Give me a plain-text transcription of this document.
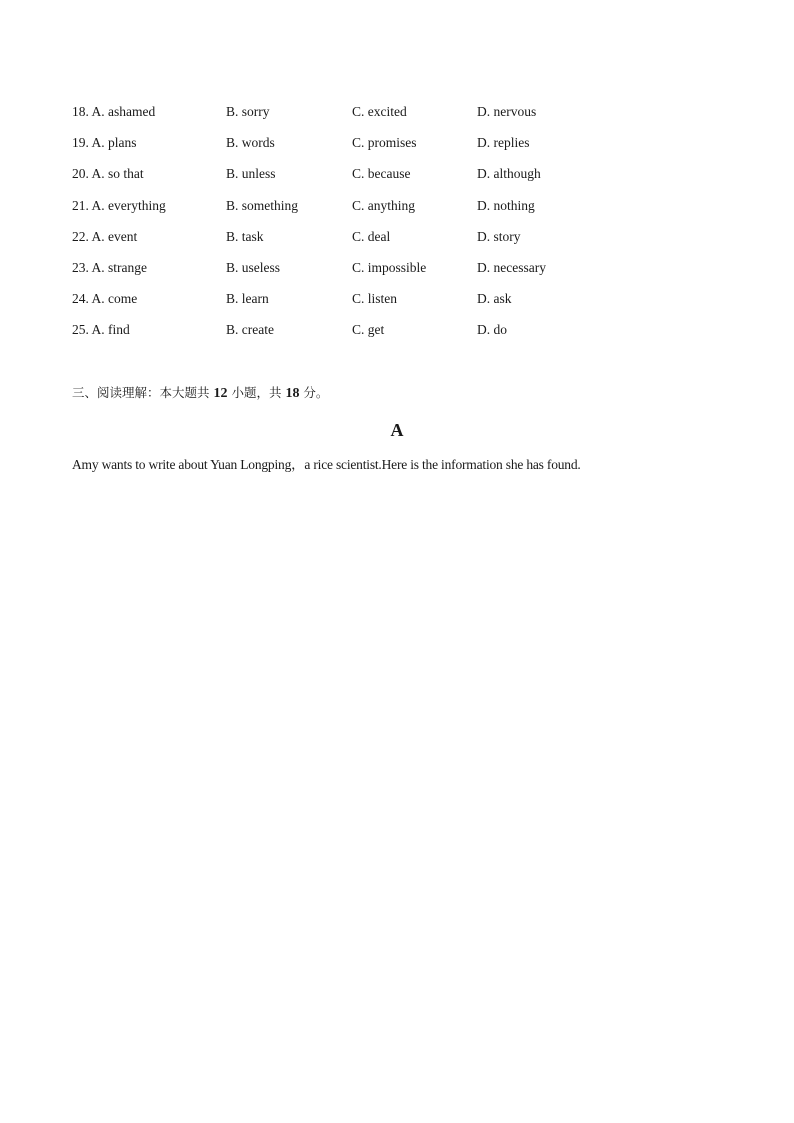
18. A. ashamed	B. sorry	C. excited	D. nervous
19. A. plans	B. words	C. promises	D. replies
20. A. so that	B. unless	C. because	D. although
21. A. everything	B. something	C. anything	D. nothing
22. A. event	B. task	C. deal	D. story
23. A. strange	B. useless	C. impossible	D. necessary
24. A. come	B. learn	C. listen	D. ask
25. A. find	B. create	C. get	D. do
三、阅读理解：本大题共 12 小题，共 18 分。
A
Amy wants to write about Yuan Longping，a rice scientist.Here is the information she has found.
